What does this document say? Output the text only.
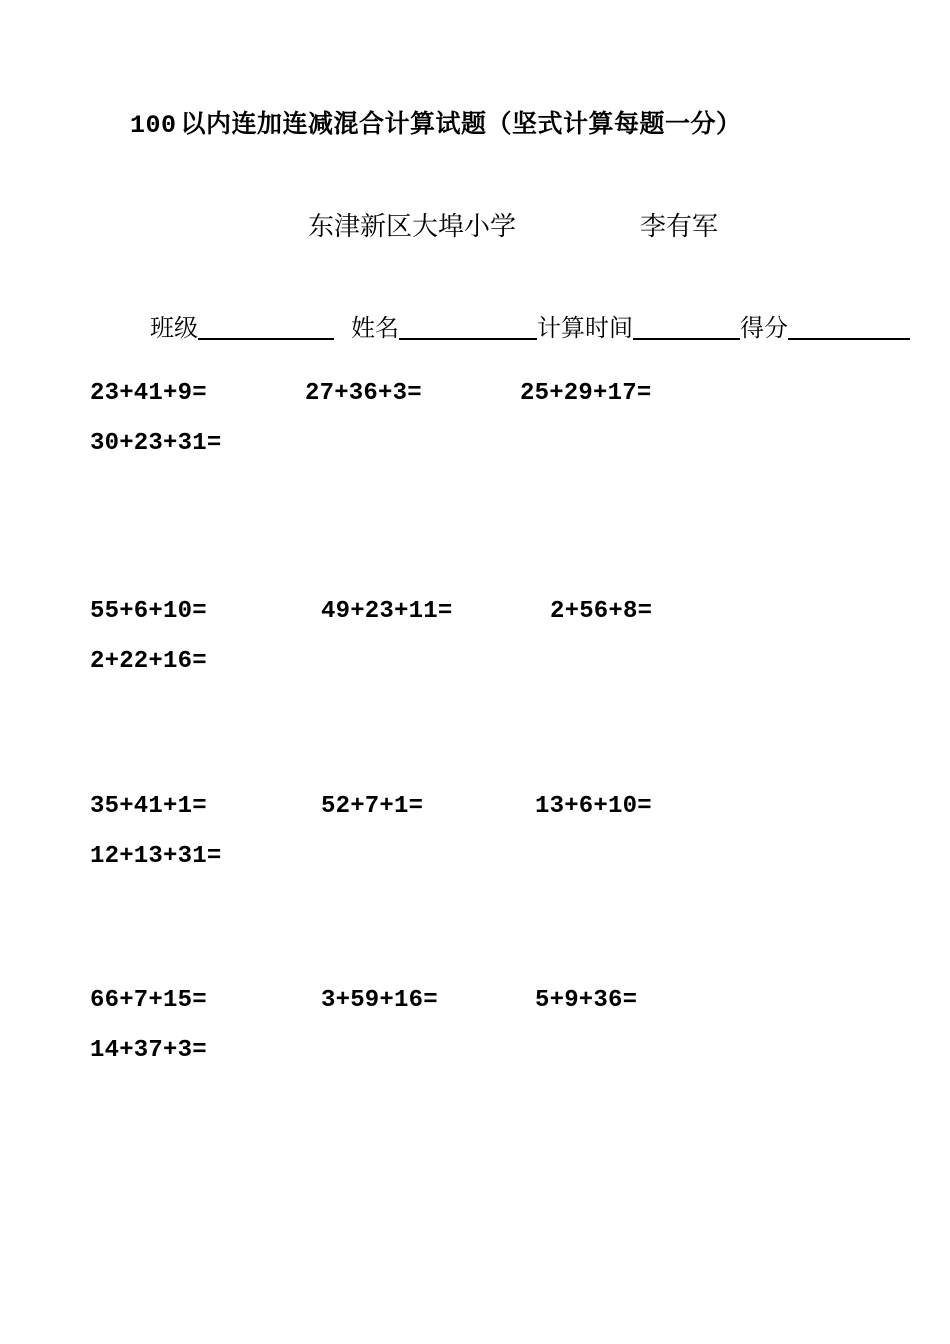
100 以内连加连减混合计算试题（坚式计算每题一分）
东津新区大埠小学	李有军
班级	姓名	计算时间	得分
23+41+9=	27+36+3=	25+29+17=
30+23+31=
55+6+10=	49+23+11=	2+56+8=
2+22+16=
35+41+1=	52+7+1=	13+6+10=
12+13+31=
66+7+15=	3+59+16=	5+9+36=
14+37+3=
